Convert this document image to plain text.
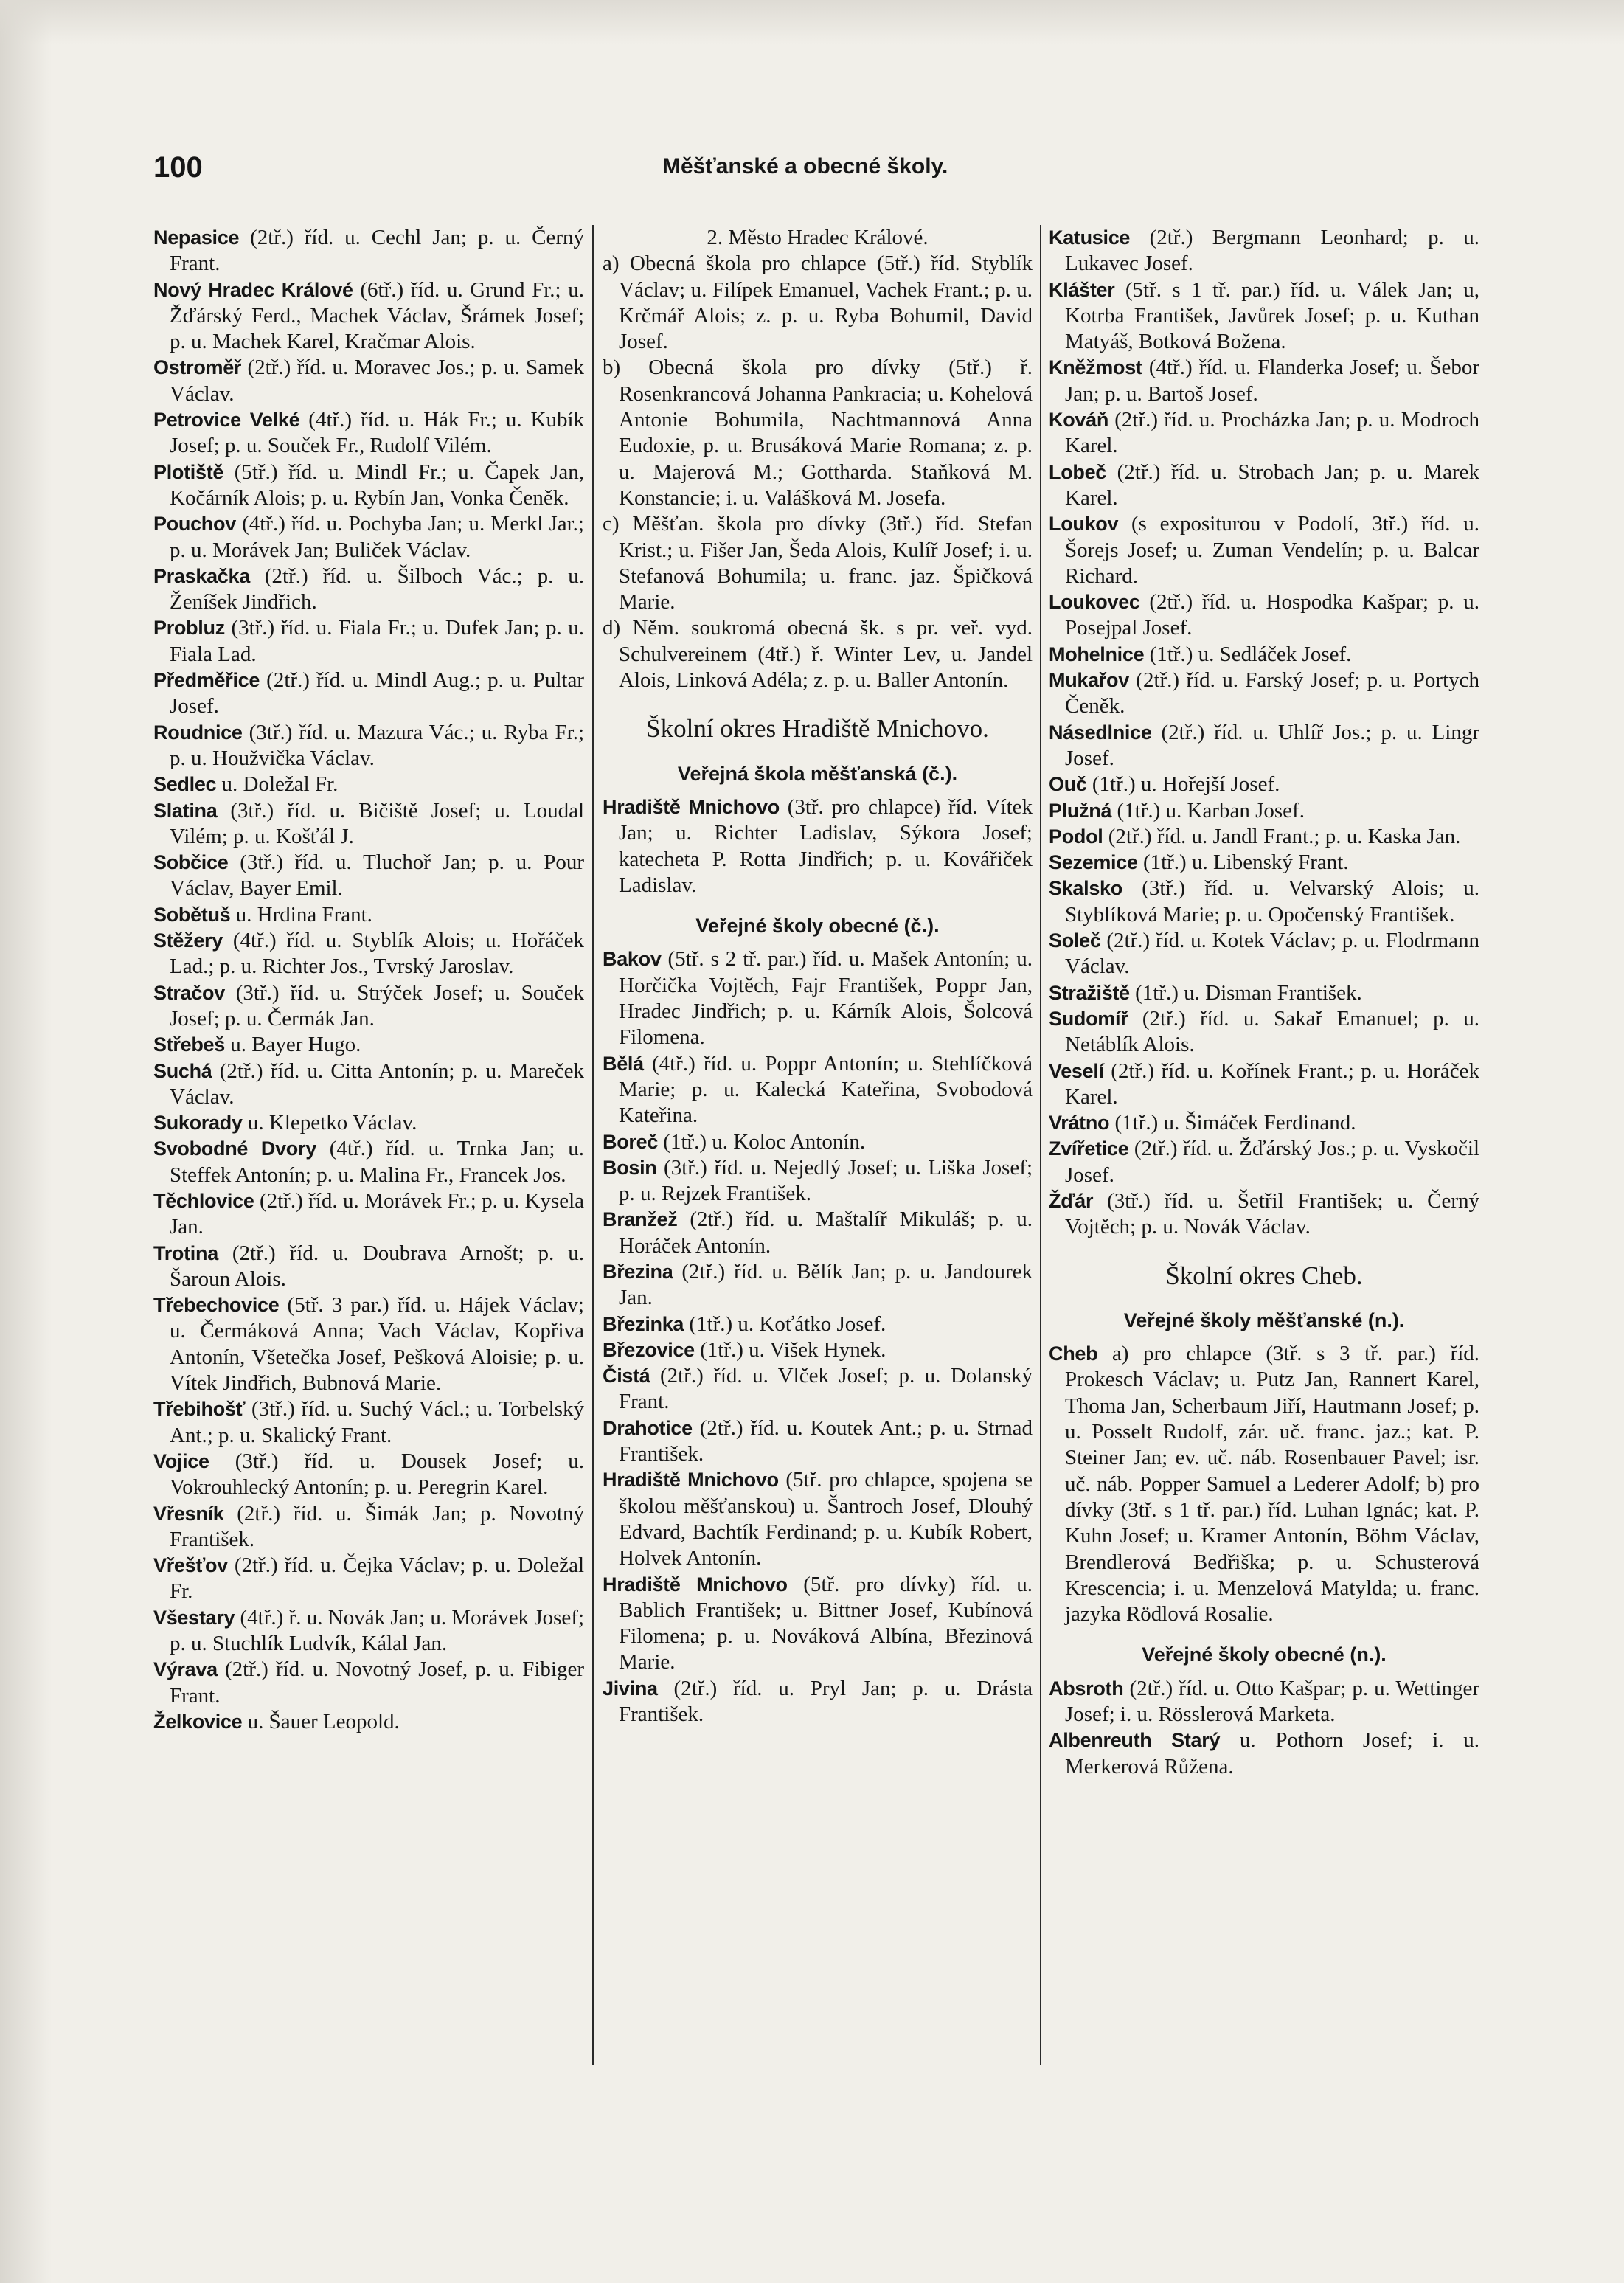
100	Měšťanské a obecné školy.

Nepasice (2tř.) říd. u. Cechl Jan; p. u. Černý Frant.

Nový Hradec Králové (6tř.) říd. u. Grund Fr.; u. Žďárský Ferd., Machek Václav, Šrámek Josef; p. u. Machek Karel, Kračmar Alois.

Ostroměř (2tř.) říd. u. Moravec Jos.; p. u. Samek Václav.

Petrovice Velké (4tř.) říd. u. Hák Fr.; u. Kubík Josef; p. u. Souček Fr., Rudolf Vilém.

Plotiště (5tř.) říd. u. Mindl Fr.; u. Čapek Jan, Kočárník Alois; p. u. Rybín Jan, Vonka Čeněk.

Pouchov (4tř.) říd. u. Pochyba Jan; u. Merkl Jar.; p. u. Morávek Jan; Buliček Václav.

Praskačka (2tř.) říd. u. Šilboch Vác.; p. u. Ženíšek Jindřich.

Probluz (3tř.) říd. u. Fiala Fr.; u. Dufek Jan; p. u. Fiala Lad.

Předměřice (2tř.) říd. u. Mindl Aug.; p. u. Pultar Josef.

Roudnice (3tř.) říd. u. Mazura Vác.; u. Ryba Fr.; p. u. Houžvička Václav.

Sedlec u. Doležal Fr.

Slatina (3tř.) říd. u. Bičiště Josef; u. Loudal Vilém; p. u. Košťál J.

Sobčice (3tř.) říd. u. Tluchoř Jan; p. u. Pour Václav, Bayer Emil.

Sobětuš u. Hrdina Frant.

Stěžery (4tř.) říd. u. Styblík Alois; u. Hořáček Lad.; p. u. Richter Jos., Tvrský Jaroslav.

Stračov (3tř.) říd. u. Strýček Josef; u. Souček Josef; p. u. Čermák Jan.

Střebeš u. Bayer Hugo.

Suchá (2tř.) říd. u. Citta Antonín; p. u. Mareček Václav.

Sukorady u. Klepetko Václav.

Svobodné Dvory (4tř.) říd. u. Trnka Jan; u. Steffek Antonín; p. u. Malina Fr., Francek Jos.

Těchlovice (2tř.) říd. u. Morávek Fr.; p. u. Kysela Jan.

Trotina (2tř.) říd. u. Doubrava Arnošt; p. u. Šaroun Alois.

Třebechovice (5tř. 3 par.) říd. u. Hájek Václav; u. Čermáková Anna; Vach Václav, Kopřiva Antonín, Všetečka Josef, Pešková Aloisie; p. u. Vítek Jindřich, Bubnová Marie.

Třebihošť (3tř.) říd. u. Suchý Václ.; u. Torbelský Ant.; p. u. Skalický Frant.

Vojice (3tř.) říd. u. Dousek Josef; u. Vokrouhlecký Antonín; p. u. Peregrin Karel.

Vřesník (2tř.) říd. u. Šimák Jan; p. Novotný František.

Vřešťov (2tř.) říd. u. Čejka Václav; p. u. Doležal Fr.

Všestary (4tř.) ř. u. Novák Jan; u. Morávek Josef; p. u. Stuchlík Ludvík, Kálal Jan.

Výrava (2tř.) říd. u. Novotný Josef, p. u. Fibiger Frant.

Želkovice u. Šauer Leopold.

2. Město Hradec Králové.

a) Obecná škola pro chlapce (5tř.) říd. Styblík Václav; u. Filípek Emanuel, Vachek Frant.; p. u. Krčmář Alois; z. p. u. Ryba Bohumil, David Josef.

b) Obecná škola pro dívky (5tř.) ř. Rosenkrancová Johanna Pankracia; u. Kohelová Antonie Bohumila, Nachtmannová Anna Eudoxie, p. u. Brusáková Marie Romana; z. p. u. Majerová M.; Gottharda. Staňková M. Konstancie; i. u. Valášková M. Josefa.

c) Měšťan. škola pro dívky (3tř.) říd. Stefan Krist.; u. Fišer Jan, Šeda Alois, Kulíř Josef; i. u. Stefanová Bohumila; u. franc. jaz. Špičková Marie.

d) Něm. soukromá obecná šk. s pr. veř. vyd. Schulvereinem (4tř.) ř. Winter Lev, u. Jandel Alois, Linková Adéla; z. p. u. Baller Antonín.

Školní okres Hradiště Mnichovo.

Veřejná škola měšťanská (č.).

Hradiště Mnichovo (3tř. pro chlapce) říd. Vítek Jan; u. Richter Ladislav, Sýkora Josef; katecheta P. Rotta Jindřich; p. u. Kovářiček Ladislav.

Veřejné školy obecné (č.).

Bakov (5tř. s 2 tř. par.) říd. u. Mašek Antonín; u. Horčička Vojtěch, Fajr František, Poppr Jan, Hradec Jindřich; p. u. Kárník Alois, Šolcová Filomena.

Bělá (4tř.) říd. u. Poppr Antonín; u. Stehlíčková Marie; p. u. Kalecká Kateřina, Svobodová Kateřina.

Boreč (1tř.) u. Koloc Antonín.

Bosin (3tř.) říd. u. Nejedlý Josef; u. Liška Josef; p. u. Rejzek František.

Branžež (2tř.) říd. u. Maštalíř Mikuláš; p. u. Horáček Antonín.

Březina (2tř.) říd. u. Bělík Jan; p. u. Jandourek Jan.

Březinka (1tř.) u. Koťátko Josef.

Březovice (1tř.) u. Višek Hynek.

Čistá (2tř.) říd. u. Vlček Josef; p. u. Dolanský Frant.

Drahotice (2tř.) říd. u. Koutek Ant.; p. u. Strnad František.

Hradiště Mnichovo (5tř. pro chlapce, spojena se školou měšťanskou) u. Šantroch Josef, Dlouhý Edvard, Bachtík Ferdinand; p. u. Kubík Robert, Holvek Antonín.

Hradiště Mnichovo (5tř. pro dívky) říd. u. Bablich František; u. Bittner Josef, Kubínová Filomena; p. u. Nováková Albína, Březinová Marie.

Jivina (2tř.) říd. u. Pryl Jan; p. u. Drásta František.

Katusice (2tř.) Bergmann Leonhard; p. u. Lukavec Josef.

Klášter (5tř. s 1 tř. par.) říd. u. Válek Jan; u, Kotrba František, Javůrek Josef; p. u. Kuthan Matyáš, Botková Božena.

Kněžmost (4tř.) říd. u. Flanderka Josef; u. Šebor Jan; p. u. Bartoš Josef.

Kováň (2tř.) říd. u. Procházka Jan; p. u. Modroch Karel.

Lobeč (2tř.) říd. u. Strobach Jan; p. u. Marek Karel.

Loukov (s expositurou v Podolí, 3tř.) říd. u. Šorejs Josef; u. Zuman Vendelín; p. u. Balcar Richard.

Loukovec (2tř.) říd. u. Hospodka Kašpar; p. u. Posejpal Josef.

Mohelnice (1tř.) u. Sedláček Josef.

Mukařov (2tř.) říd. u. Farský Josef; p. u. Portych Čeněk.

Násedlnice (2tř.) říd. u. Uhlíř Jos.; p. u. Lingr Josef.

Ouč (1tř.) u. Hořejší Josef.

Plužná (1tř.) u. Karban Josef.

Podol (2tř.) říd. u. Jandl Frant.; p. u. Kaska Jan.

Sezemice (1tř.) u. Libenský Frant.

Skalsko (3tř.) říd. u. Velvarský Alois; u. Styblíková Marie; p. u. Opočenský František.

Soleč (2tř.) říd. u. Kotek Václav; p. u. Flodrmann Václav.

Stražiště (1tř.) u. Disman František.

Sudomíř (2tř.) říd. u. Sakař Emanuel; p. u. Netáblík Alois.

Veselí (2tř.) říd. u. Kořínek Frant.; p. u. Horáček Karel.

Vrátno (1tř.) u. Šimáček Ferdinand.

Zvířetice (2tř.) říd. u. Žďárský Jos.; p. u. Vyskočil Josef.

Žďár (3tř.) říd. u. Šetřil František; u. Černý Vojtěch; p. u. Novák Václav.

Školní okres Cheb.

Veřejné školy měšťanské (n.).

Cheb a) pro chlapce (3tř. s 3 tř. par.) říd. Prokesch Václav; u. Putz Jan, Rannert Karel, Thoma Jan, Scherbaum Jiří, Hautmann Josef; p. u. Posselt Rudolf, zár. uč. franc. jaz.; kat. P. Steiner Jan; ev. uč. náb. Rosenbauer Pavel; isr. uč. náb. Popper Samuel a Lederer Adolf; b) pro dívky (3tř. s 1 tř. par.) říd. Luhan Ignác; kat. P. Kuhn Josef; u. Kramer Antonín, Böhm Václav, Brendlerová Bedřiška; p. u. Schusterová Krescencia; i. u. Menzelová Matylda; u. franc. jazyka Rödlová Rosalie.

Veřejné školy obecné (n.).

Absroth (2tř.) říd. u. Otto Kašpar; p. u. Wettinger Josef; i. u. Rösslerová Marketa.

Albenreuth Starý u. Pothorn Josef; i. u. Merkerová Růžena.
